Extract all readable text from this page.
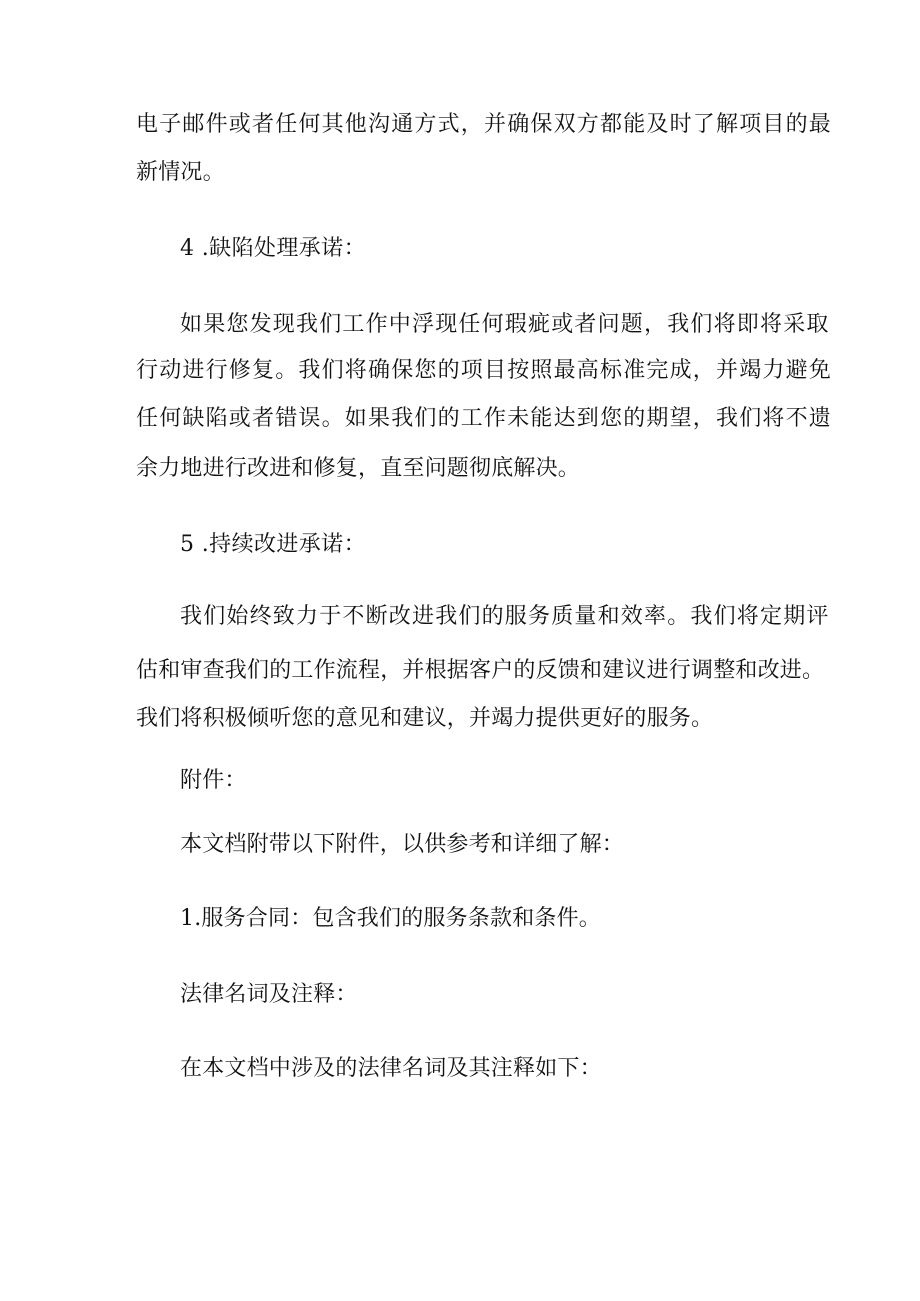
电子邮件或者任何其他沟通方式，并确保双方都能及时了解项目的最
新情况。
4 .缺陷处理承诺：
如果您发现我们工作中浮现任何瑕疵或者问题，我们将即将采取
行动进行修复。我们将确保您的项目按照最高标准完成，并竭力避免
任何缺陷或者错误。如果我们的工作未能达到您的期望，我们将不遗
余力地进行改进和修复，直至问题彻底解决。
5 .持续改进承诺：
我们始终致力于不断改进我们的服务质量和效率。我们将定期评
估和审查我们的工作流程，并根据客户的反馈和建议进行调整和改进。
我们将积极倾听您的意见和建议，并竭力提供更好的服务。
附件：
本文档附带以下附件，以供参考和详细了解：
1.服务合同：包含我们的服务条款和条件。
法律名词及注释：
在本文档中涉及的法律名词及其注释如下：
